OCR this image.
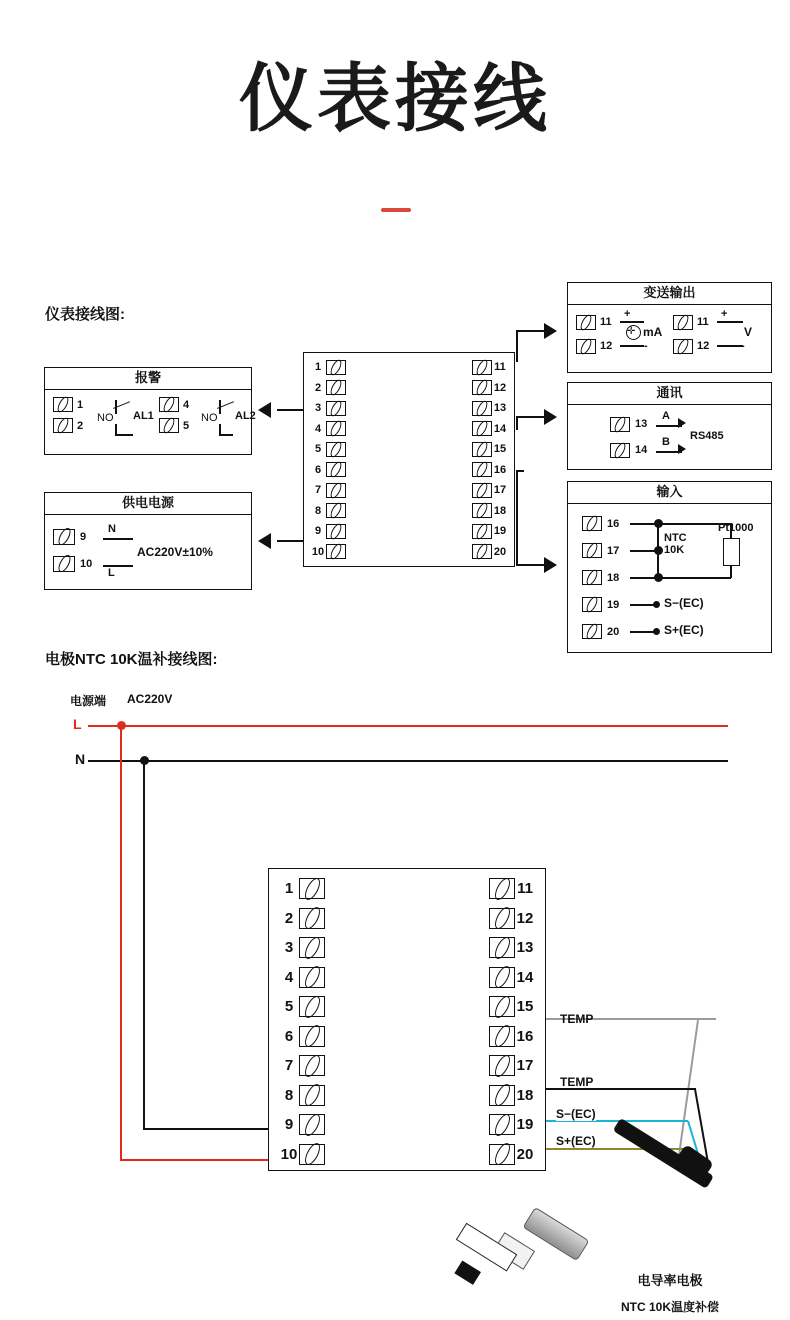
仪表接线
仪表接线图:
1
2
3
4
5
6
7
8
9
10
11
12
13
14
15
16
17
18
19
20
报警
1
2
NO AL1
4
5
NO AL2
供电电源
9
10
N
L
AC220V±10%
变送输出
11
12
+
✛ mA
-
11
12
+
V
-
通讯
13
14
A
B RS485
输入
16
17
18
19
20
NTC
10K
Pt1000
S−(EC)
S+(EC)
电极NTC 10K温补接线图:
电源端 AC220V
L
N
1
2
3
4
5
6
7
8
9
10
11
12
13
14
15
16
17
18
19
20
TEMP
TEMP
S−(EC)
S+(EC)
电导率电极
NTC 10K温度补偿
